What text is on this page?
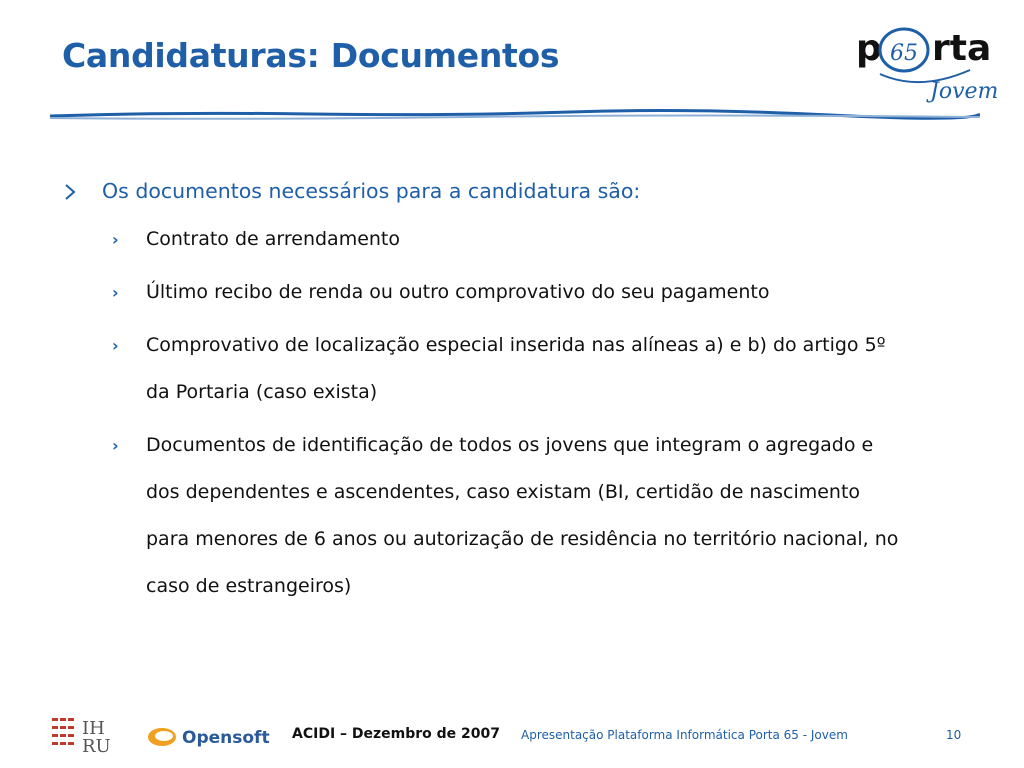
Candidaturas: Documentos	p 65 rta
Jovem
Os documentos necessários para a candidatura são:
› Contrato de arrendamento
› Último recibo de renda ou outro comprovativo do seu pagamento
› Comprovativo de localização especial inserida nas alíneas a) e b) do artigo 5º da Portaria (caso exista)
› Documentos de identificação de todos os jovens que integram o agregado e dos dependentes e ascendentes, caso existam (BI, certidão de nascimento para menores de 6 anos ou autorização de residência no território nacional, no caso de estrangeiros)
IH
RU	Opensoft ACIDI – Dezembro de 2007 Apresentação Plataforma Informática Porta 65 - Jovem	10
